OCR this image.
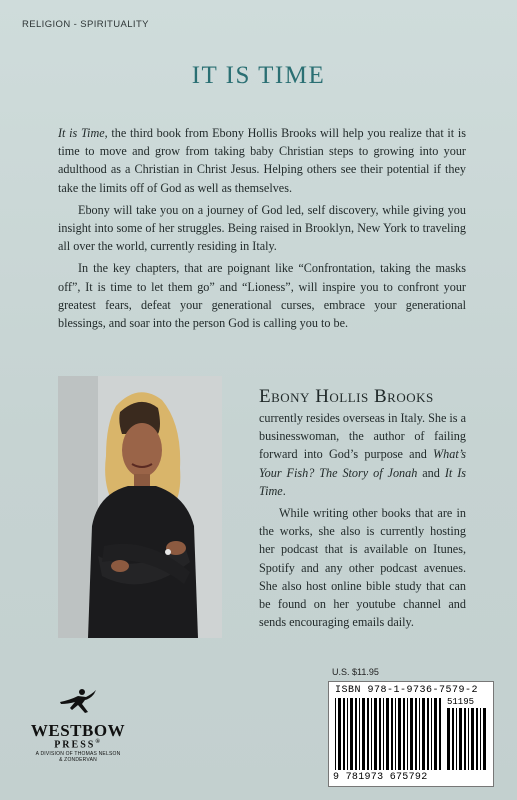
RELIGION - SPIRITUALITY
IT IS TIME

It is Time, the third book from Ebony Hollis Brooks will help you realize that it is time to move and grow from taking baby Christian steps to growing into your adulthood as a Christian in Christ Jesus. Helping others see their potential if they take the limits off of God as well as themselves.

Ebony will take you on a journey of God led, self discovery, while giving you insight into some of her struggles. Being raised in Brooklyn, New York to traveling all over the world, currently residing in Italy.

In the key chapters, that are poignant like “Confrontation, taking the masks off”, It is time to let them go” and “Lioness”, will inspire you to confront your greatest fears, defeat your generational curses, embrace your generational blessings, and soar into the person God is calling you to be.

Ebony Hollis Brooks

currently resides overseas in Italy. She is a businesswoman, the author of failing forward into God’s purpose and What’s Your Fish? The Story of Jonah and It Is Time.

While writing other books that are in the works, she also is currently hosting her podcast that is available on Itunes, Spotify and any other podcast avenues. She also host online bible study that can be found on her youtube channel and sends encouraging emails daily.

WESTBOW
PRESS®
A DIVISION OF THOMAS NELSON
& ZONDERVAN
U.S. $11.95
ISBN 978-1-9736-7579-2
51195
9 781973 675792
